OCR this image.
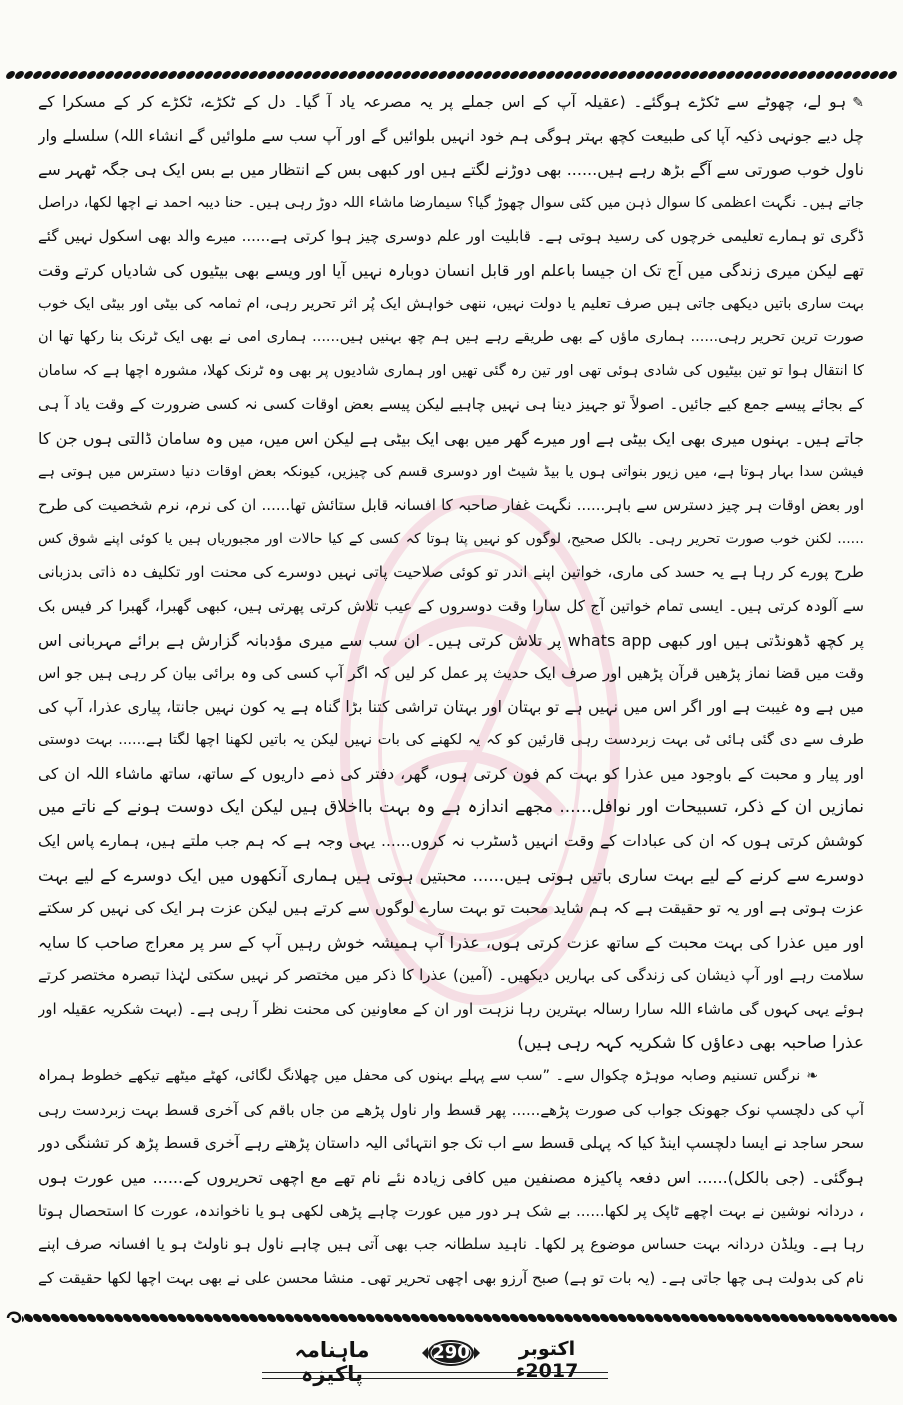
✎ہو لے، چھوٹے سے ٹکڑے ہوگئے۔ (عقیلہ آپ کے اس جملے پر یہ مصرعہ یاد آ گیا۔ دل کے ٹکڑے، ٹکڑے کر کے مسکرا کے
چل دیے جونہی ذکیہ آپا کی طبیعت کچھ بہتر ہوگی ہم خود انہیں بلوائیں گے اور آپ سب سے ملوائیں گے انشاء اللہ) سلسلے وار
ناول خوب صورتی سے آگے بڑھ رہے ہیں...... بھی دوڑنے لگتے ہیں اور کبھی بس کے انتظار میں بے بس ایک ہی جگہ ٹھہر سے
جاتے ہیں۔ نگہت اعظمی کا سوال ذہن میں کئی سوال چھوڑ گیا؟ سیمارضا ماشاء اللہ دوڑ رہی ہیں۔ حنا دیبہ احمد نے اچھا لکھا، دراصل
ڈگری تو ہمارے تعلیمی خرچوں کی رسید ہوتی ہے۔ قابلیت اور علم دوسری چیز ہوا کرتی ہے...... میرے والد بھی اسکول نہیں گئے
تھے لیکن میری زندگی میں آج تک ان جیسا باعلم اور قابل انسان دوبارہ نہیں آیا اور ویسے بھی بیٹیوں کی شادیاں کرتے وقت
بہت ساری باتیں دیکھی جاتی ہیں صرف تعلیم یا دولت نہیں، ننھی خواہش ایک پُر اثر تحریر رہی، ام ثمامہ کی بیٹی اور بیٹی ایک خوب
صورت ترین تحریر رہی...... ہماری ماؤں کے بھی طریقے رہے ہیں ہم چھ بہنیں ہیں...... ہماری امی نے بھی ایک ٹرنک بنا رکھا تھا ان
کا انتقال ہوا تو تین بیٹیوں کی شادی ہوئی تھی اور تین رہ گئی تھیں اور ہماری شادیوں پر بھی وہ ٹرنک کھلا، مشورہ اچھا ہے کہ سامان
کے بجائے پیسے جمع کیے جائیں۔ اصولاً تو جہیز دینا ہی نہیں چاہیے لیکن پیسے بعض اوقات کسی نہ کسی ضرورت کے وقت یاد آ ہی
جاتے ہیں۔ بہنوں میری بھی ایک بیٹی ہے اور میرے گھر میں بھی ایک بیٹی ہے لیکن اس میں، میں وہ سامان ڈالتی ہوں جن کا
فیشن سدا بہار ہوتا ہے، میں زیور بنواتی ہوں یا بیڈ شیٹ اور دوسری قسم کی چیزیں، کیونکہ بعض اوقات دنیا دسترس میں ہوتی ہے
اور بعض اوقات ہر چیز دسترس سے باہر...... نگہت غفار صاحبہ کا افسانہ قابل ستائش تھا...... ان کی نرم، نرم شخصیت کی طرح
...... لکنن خوب صورت تحریر رہی۔ بالکل صحیح، لوگوں کو نہیں پتا ہوتا کہ کسی کے کیا حالات اور مجبوریاں ہیں یا کوئی اپنے شوق کس
طرح پورے کر رہا ہے یہ حسد کی ماری، خواتین اپنے اندر تو کوئی صلاحیت پاتی نہیں دوسرے کی محنت اور تکلیف دہ ذاتی بدزبانی
سے آلودہ کرتی ہیں۔ ایسی تمام خواتین آج کل سارا وقت دوسروں کے عیب تلاش کرتی پھرتی ہیں، کبھی گھبرا، گھبرا کر فیس بک
پر کچھ ڈھونڈتی ہیں اور کبھی whats app پر تلاش کرتی ہیں۔ ان سب سے میری مؤدبانہ گزارش ہے برائے مہربانی اس
وقت میں قضا نماز پڑھیں قرآن پڑھیں اور صرف ایک حدیث پر عمل کر لیں کہ اگر آپ کسی کی وہ برائی بیان کر رہی ہیں جو اس
میں ہے وہ غیبت ہے اور اگر اس میں نہیں ہے تو بہتان اور بہتان تراشی کتنا بڑا گناہ ہے یہ کون نہیں جانتا، پیاری عذرا، آپ کی
طرف سے دی گئی ہائی ٹی بہت زبردست رہی قارئین کو کہ یہ لکھنے کی بات نہیں لیکن یہ باتیں لکھنا اچھا لگتا ہے...... بہت دوستی
اور پیار و محبت کے باوجود میں عذرا کو بہت کم فون کرتی ہوں، گھر، دفتر کی ذمے داریوں کے ساتھ، ساتھ ماشاء اللہ ان کی
نمازیں ان کے ذکر، تسبیحات اور نوافل...... مجھے اندازہ ہے وہ بہت بااخلاق ہیں لیکن ایک دوست ہونے کے ناتے میں
کوشش کرتی ہوں کہ ان کی عبادات کے وقت انہیں ڈسٹرب نہ کروں...... یہی وجہ ہے کہ ہم جب ملتے ہیں، ہمارے پاس ایک
دوسرے سے کرنے کے لیے بہت ساری باتیں ہوتی ہیں...... محبتیں ہوتی ہیں ہماری آنکھوں میں ایک دوسرے کے لیے بہت
عزت ہوتی ہے اور یہ تو حقیقت ہے کہ ہم شاید محبت تو بہت سارے لوگوں سے کرتے ہیں لیکن عزت ہر ایک کی نہیں کر سکتے
اور میں عذرا کی بہت محبت کے ساتھ عزت کرتی ہوں، عذرا آپ ہمیشہ خوش رہیں آپ کے سر پر معراج صاحب کا سایہ
سلامت رہے اور آپ ذیشان کی زندگی کی بہاریں دیکھیں۔ (آمین) عذرا کا ذکر میں مختصر کر نہیں سکتی لہٰذا تبصرہ مختصر کرتے
ہوئے یہی کہوں گی ماشاء اللہ سارا رسالہ بہترین رہا نزہت اور ان کے معاونین کی محنت نظر آ رہی ہے۔ (بہت شکریہ عقیلہ اور
عذرا صاحبہ بھی دعاؤں کا شکریہ کہہ رہی ہیں)
❧نرگس تسنیم وصابہ موہڑہ چکوال سے۔ ”سب سے پہلے بہنوں کی محفل میں چھلانگ لگائی، کھٹے میٹھے تیکھے خطوط ہمراہ
آپ کی دلچسپ نوک جھونک جواب کی صورت پڑھے...... پھر قسط وار ناول پڑھے من جاں باقم کی آخری قسط بہت زبردست رہی
سحر ساجد نے ایسا دلچسپ اینڈ کیا کہ پہلی قسط سے اب تک جو انتہائی الیہ داستان پڑھتے رہے آخری قسط پڑھ کر تشنگی دور
ہوگئی۔ (جی بالکل)...... اس دفعہ پاکیزہ مصنفین میں کافی زیادہ نئے نام تھے مع اچھی تحریروں کے...... میں عورت ہوں
، دردانہ نوشین نے بہت اچھے ٹاپک پر لکھا...... بے شک ہر دور میں عورت چاہے پڑھی لکھی ہو یا ناخواندہ، عورت کا استحصال ہوتا
رہا ہے۔ ویلڈن دردانہ بہت حساس موضوع پر لکھا۔ ناہید سلطانہ جب بھی آتی ہیں چاہے ناول ہو ناولٹ ہو یا افسانہ صرف اپنے
نام کی بدولت ہی چھا جاتی ہے۔ (یہ بات تو ہے) صبح آرزو بھی اچھی تحریر تھی۔ منشا محسن علی نے بھی بہت اچھا لکھا حقیقت کے
ماہنامہ پاکیزہ
290	اکتوبر 2017ء
